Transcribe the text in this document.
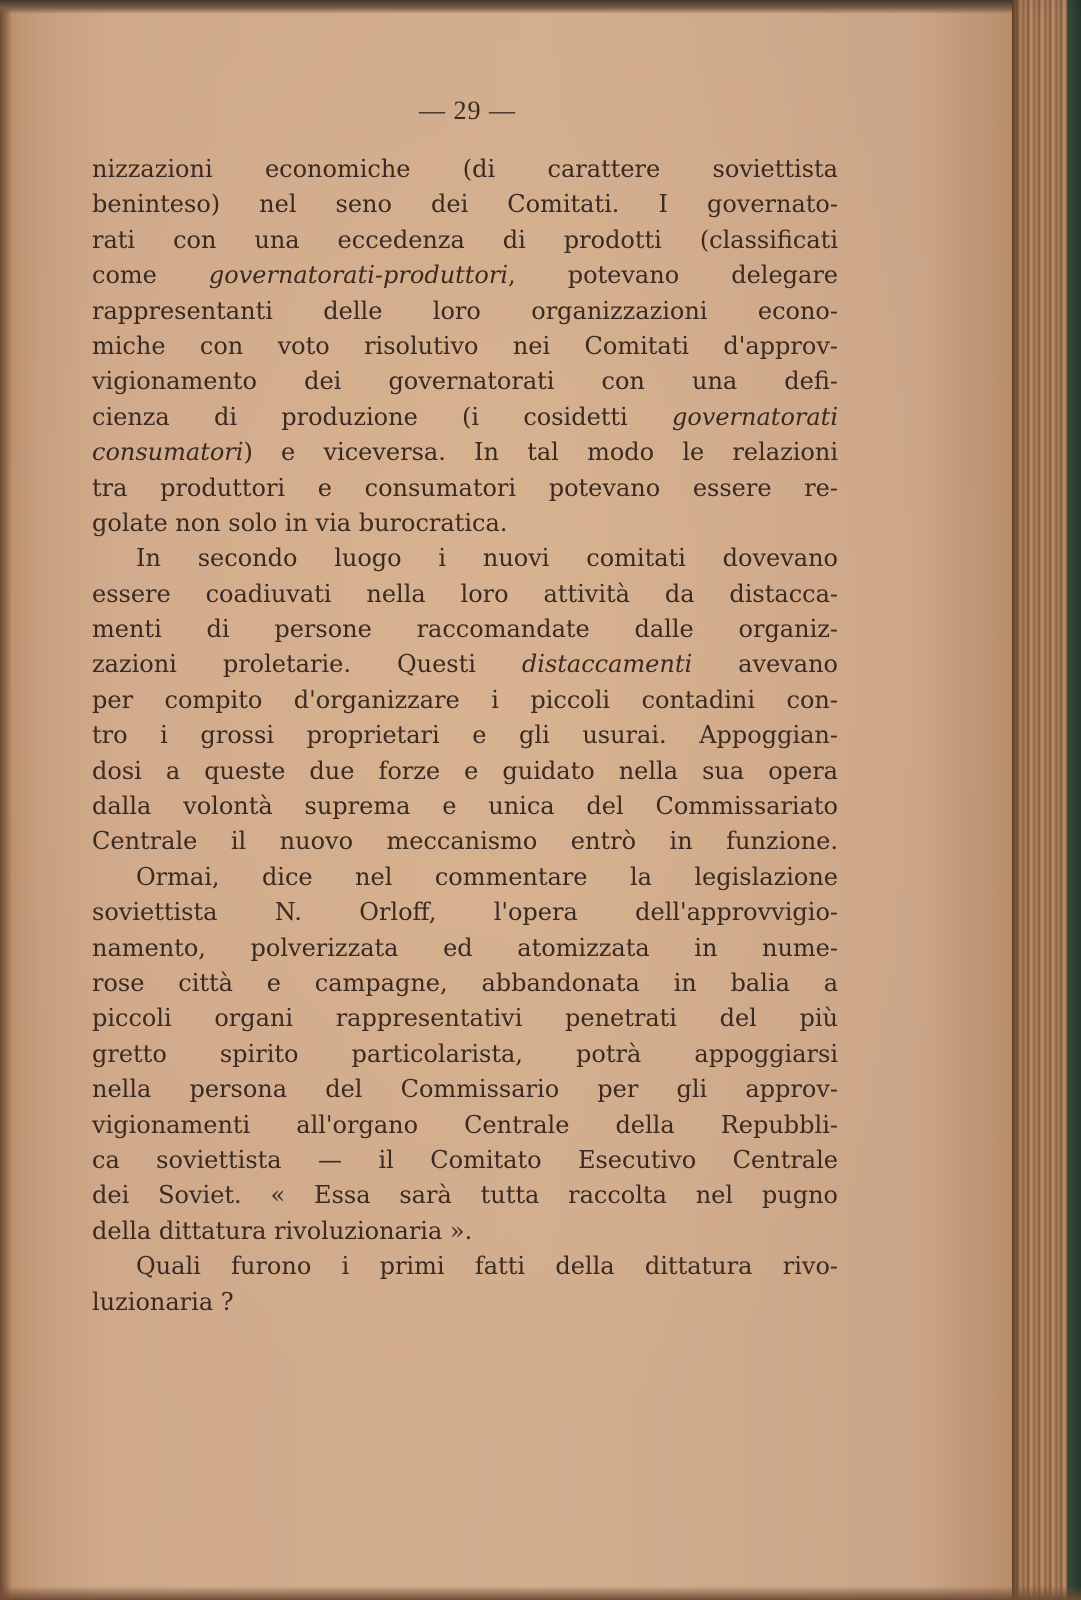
— 29 —
nizzazioni economiche (di carattere soviettista
beninteso) nel seno dei Comitati. I governato-
rati con una eccedenza di prodotti (classificati
come governatorati-produttori, potevano delegare
rappresentanti delle loro organizzazioni econo-
miche con voto risolutivo nei Comitati d'approv-
vigionamento dei governatorati con una defi-
cienza di produzione (i cosidetti governatorati
consumatori) e viceversa. In tal modo le relazioni
tra produttori e consumatori potevano essere re-
golate non solo in via burocratica.
In secondo luogo i nuovi comitati dovevano
essere coadiuvati nella loro attività da distacca-
menti di persone raccomandate dalle organiz-
zazioni proletarie. Questi distaccamenti avevano
per compito d'organizzare i piccoli contadini con-
tro i grossi proprietari e gli usurai. Appoggian-
dosi a queste due forze e guidato nella sua opera
dalla volontà suprema e unica del Commissariato
Centrale il nuovo meccanismo entrò in funzione.
Ormai, dice nel commentare la legislazione
soviettista N. Orloff, l'opera dell'approvvigio-
namento, polverizzata ed atomizzata in nume-
rose città e campagne, abbandonata in balia a
piccoli organi rappresentativi penetrati del più
gretto spirito particolarista, potrà appoggiarsi
nella persona del Commissario per gli approv-
vigionamenti all'organo Centrale della Repubbli-
ca soviettista — il Comitato Esecutivo Centrale
dei Soviet. « Essa sarà tutta raccolta nel pugno
della dittatura rivoluzionaria ».
Quali furono i primi fatti della dittatura rivo-
luzionaria ?
